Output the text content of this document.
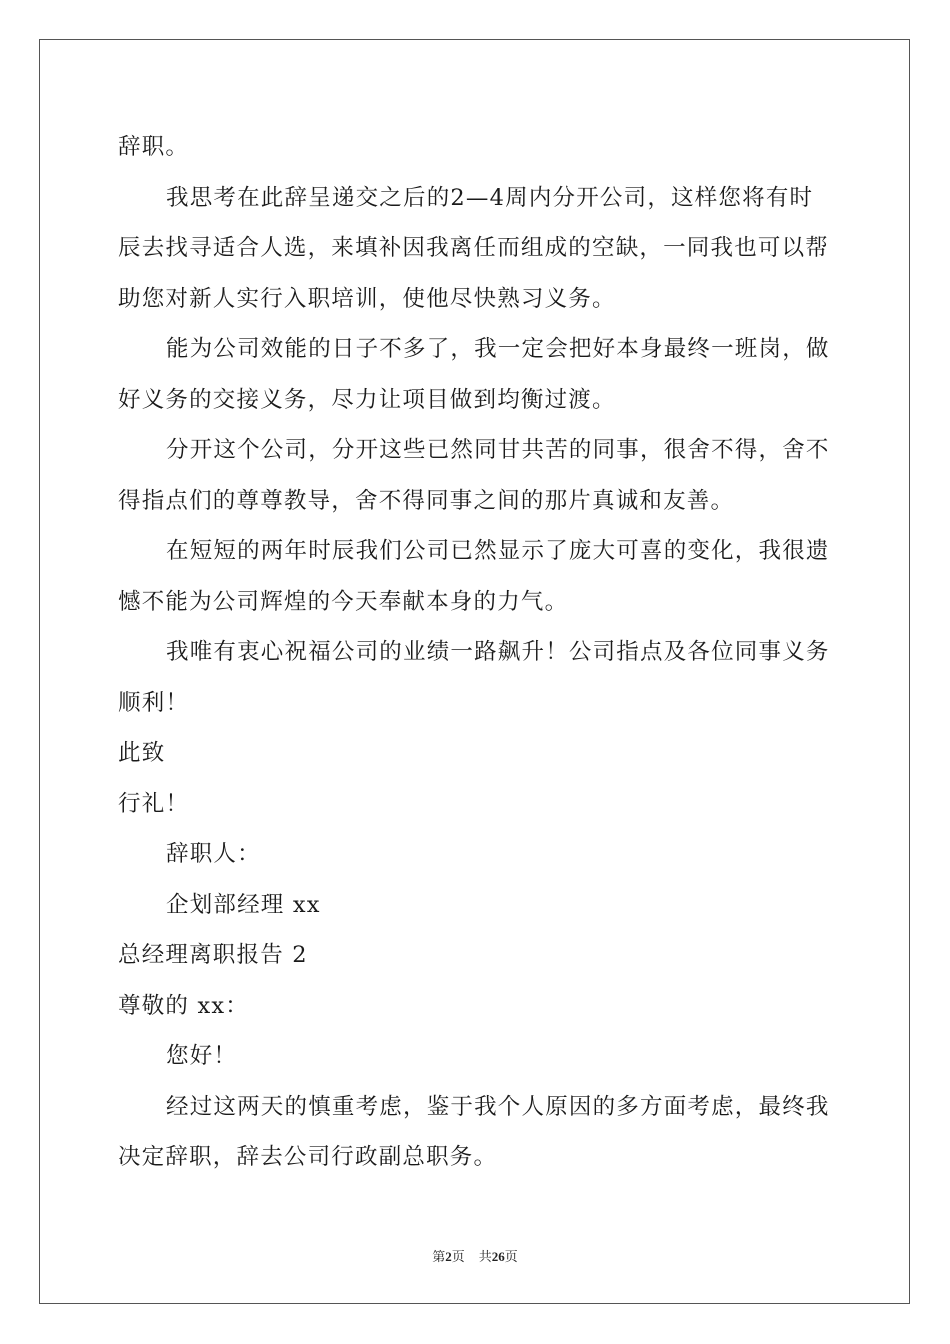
辞职。
我思考在此辞呈递交之后的2—4周内分开公司，这样您将有时
辰去找寻适合人选，来填补因我离任而组成的空缺，一同我也可以帮
助您对新人实行入职培训，使他尽快熟习义务。
能为公司效能的日子不多了，我一定会把好本身最终一班岗，做
好义务的交接义务，尽力让项目做到均衡过渡。
分开这个公司，分开这些已然同甘共苦的同事，很舍不得，舍不
得指点们的尊尊教导，舍不得同事之间的那片真诚和友善。
在短短的两年时辰我们公司已然显示了庞大可喜的变化，我很遗
憾不能为公司辉煌的今天奉献本身的力气。
我唯有衷心祝福公司的业绩一路飙升！公司指点及各位同事义务
顺利！
此致
行礼！
辞职人：
企划部经理 xx
总经理离职报告 2
尊敬的 xx：
您好！
经过这两天的慎重考虑，鉴于我个人原因的多方面考虑，最终我
决定辞职，辞去公司行政副总职务。
第2页 共26页
